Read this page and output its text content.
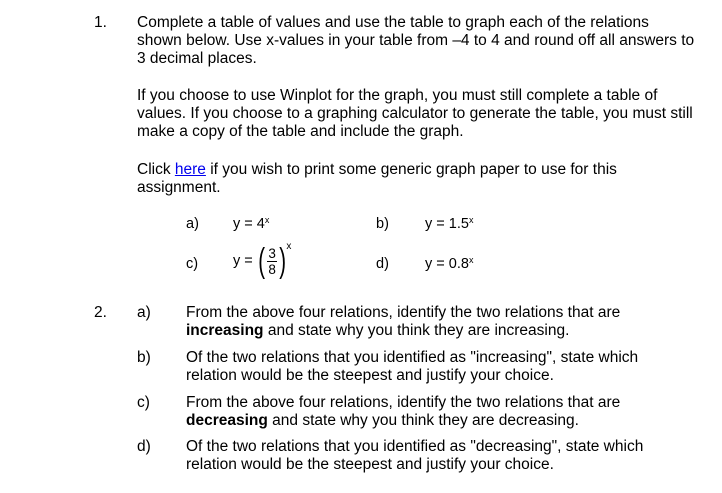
1. Complete a table of values and use the table to graph each of the relations shown below. Use x-values in your table from –4 to 4 and round off all answers to 3 decimal places.
If you choose to use Winplot for the graph, you must still complete a table of values. If you choose to a graphing calculator to generate the table, you must still make a copy of the table and include the graph.
Click here if you wish to print some generic graph paper to use for this assignment.
a) $y = 4^x$	b) $y = 1.5^x$
c) y = ( $\frac{3}{8}$ ) x
d) $y = 0.8^x$
2. a) From the above four relations, identify the two relations that are increasing and state why you think they are increasing.
b) Of the two relations that you identified as "increasing", state which relation would be the steepest and justify your choice.
c) From the above four relations, identify the two relations that are decreasing and state why you think they are decreasing.
d) Of the two relations that you identified as "decreasing", state which relation would be the steepest and justify your choice.
